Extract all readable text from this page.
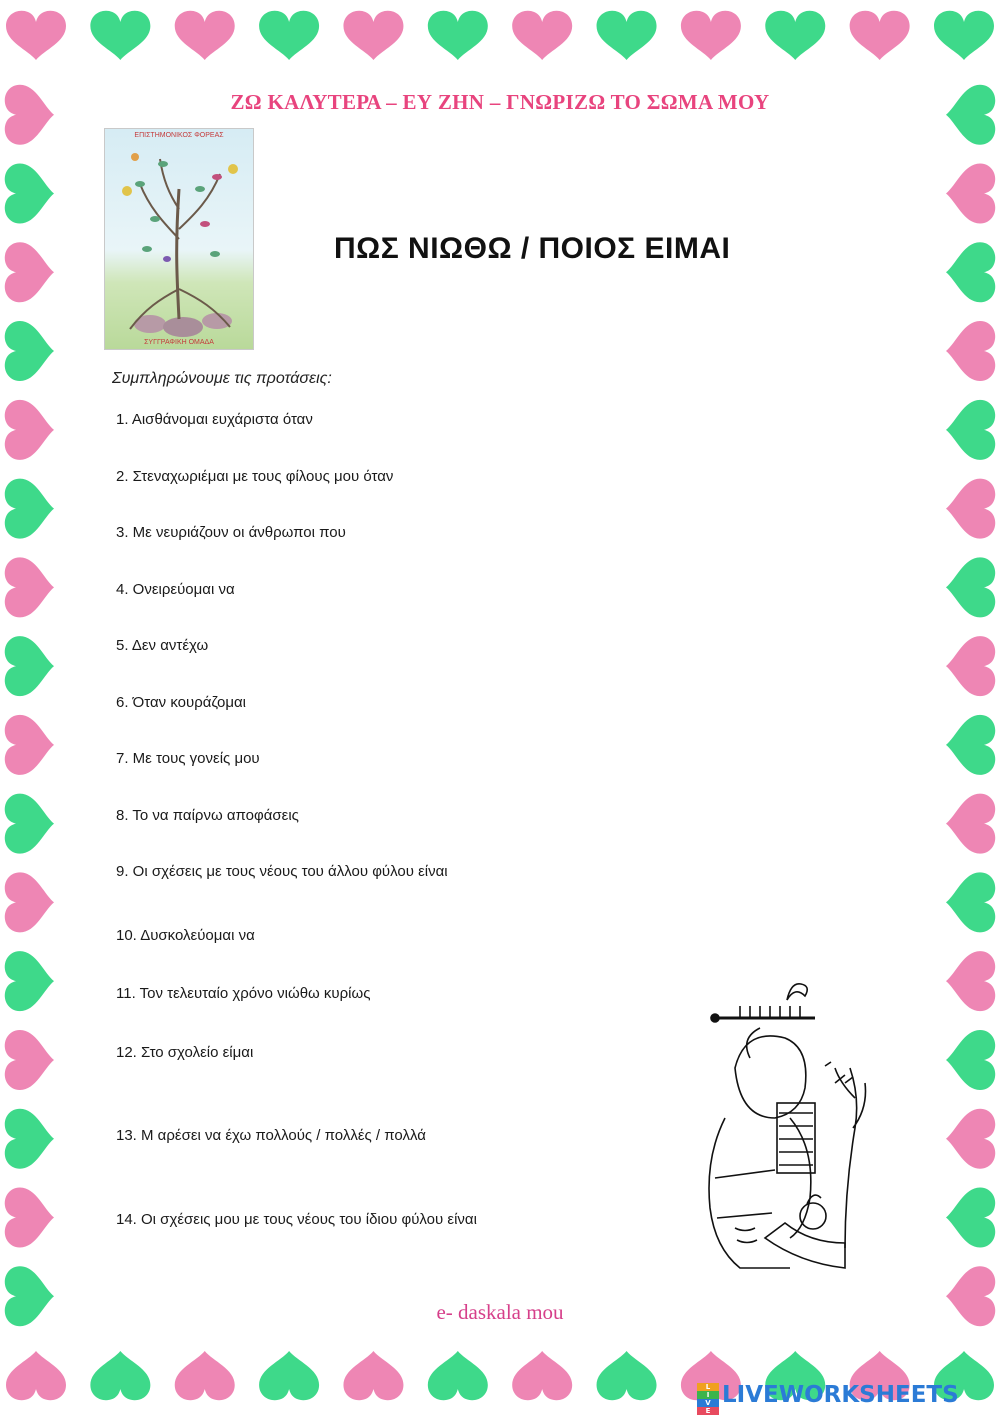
ΖΩ ΚΑΛΥΤΕΡΑ – ΕΥ ΖΗΝ – ΓΝΩΡΙΖΩ ΤΟ ΣΩΜΑ ΜΟΥ
ΕΠΙΣΤΗΜΟΝΙΚΟΣ ΦΟΡΕΑΣ
ΣΥΓΓΡΑΦΙΚΗ ΟΜΑΔΑ
ΠΩΣ ΝΙΩΘΩ / ΠΟΙΟΣ ΕΙΜΑΙ
Συμπληρώνουμε τις προτάσεις:
1. Αισθάνομαι ευχάριστα όταν
2. Στεναχωριέμαι με τους φίλους μου όταν
3. Με νευριάζουν οι άνθρωποι που
4. Ονειρεύομαι να
5. Δεν αντέχω
6. Όταν κουράζομαι
7. Με τους γονείς μου
8. Το να παίρνω αποφάσεις
9. Οι σχέσεις με τους νέους του άλλου φύλου είναι
10. Δυσκολεύομαι να
11. Τον τελευταίο χρόνο νιώθω κυρίως
12. Στο σχολείο είμαι
13. Μ αρέσει να έχω πολλούς / πολλές / πολλά
14. Οι σχέσεις μου με τους νέους του ίδιου φύλου είναι
e- daskala mou
L
I
V
E
LIVEWORKSHEETS
